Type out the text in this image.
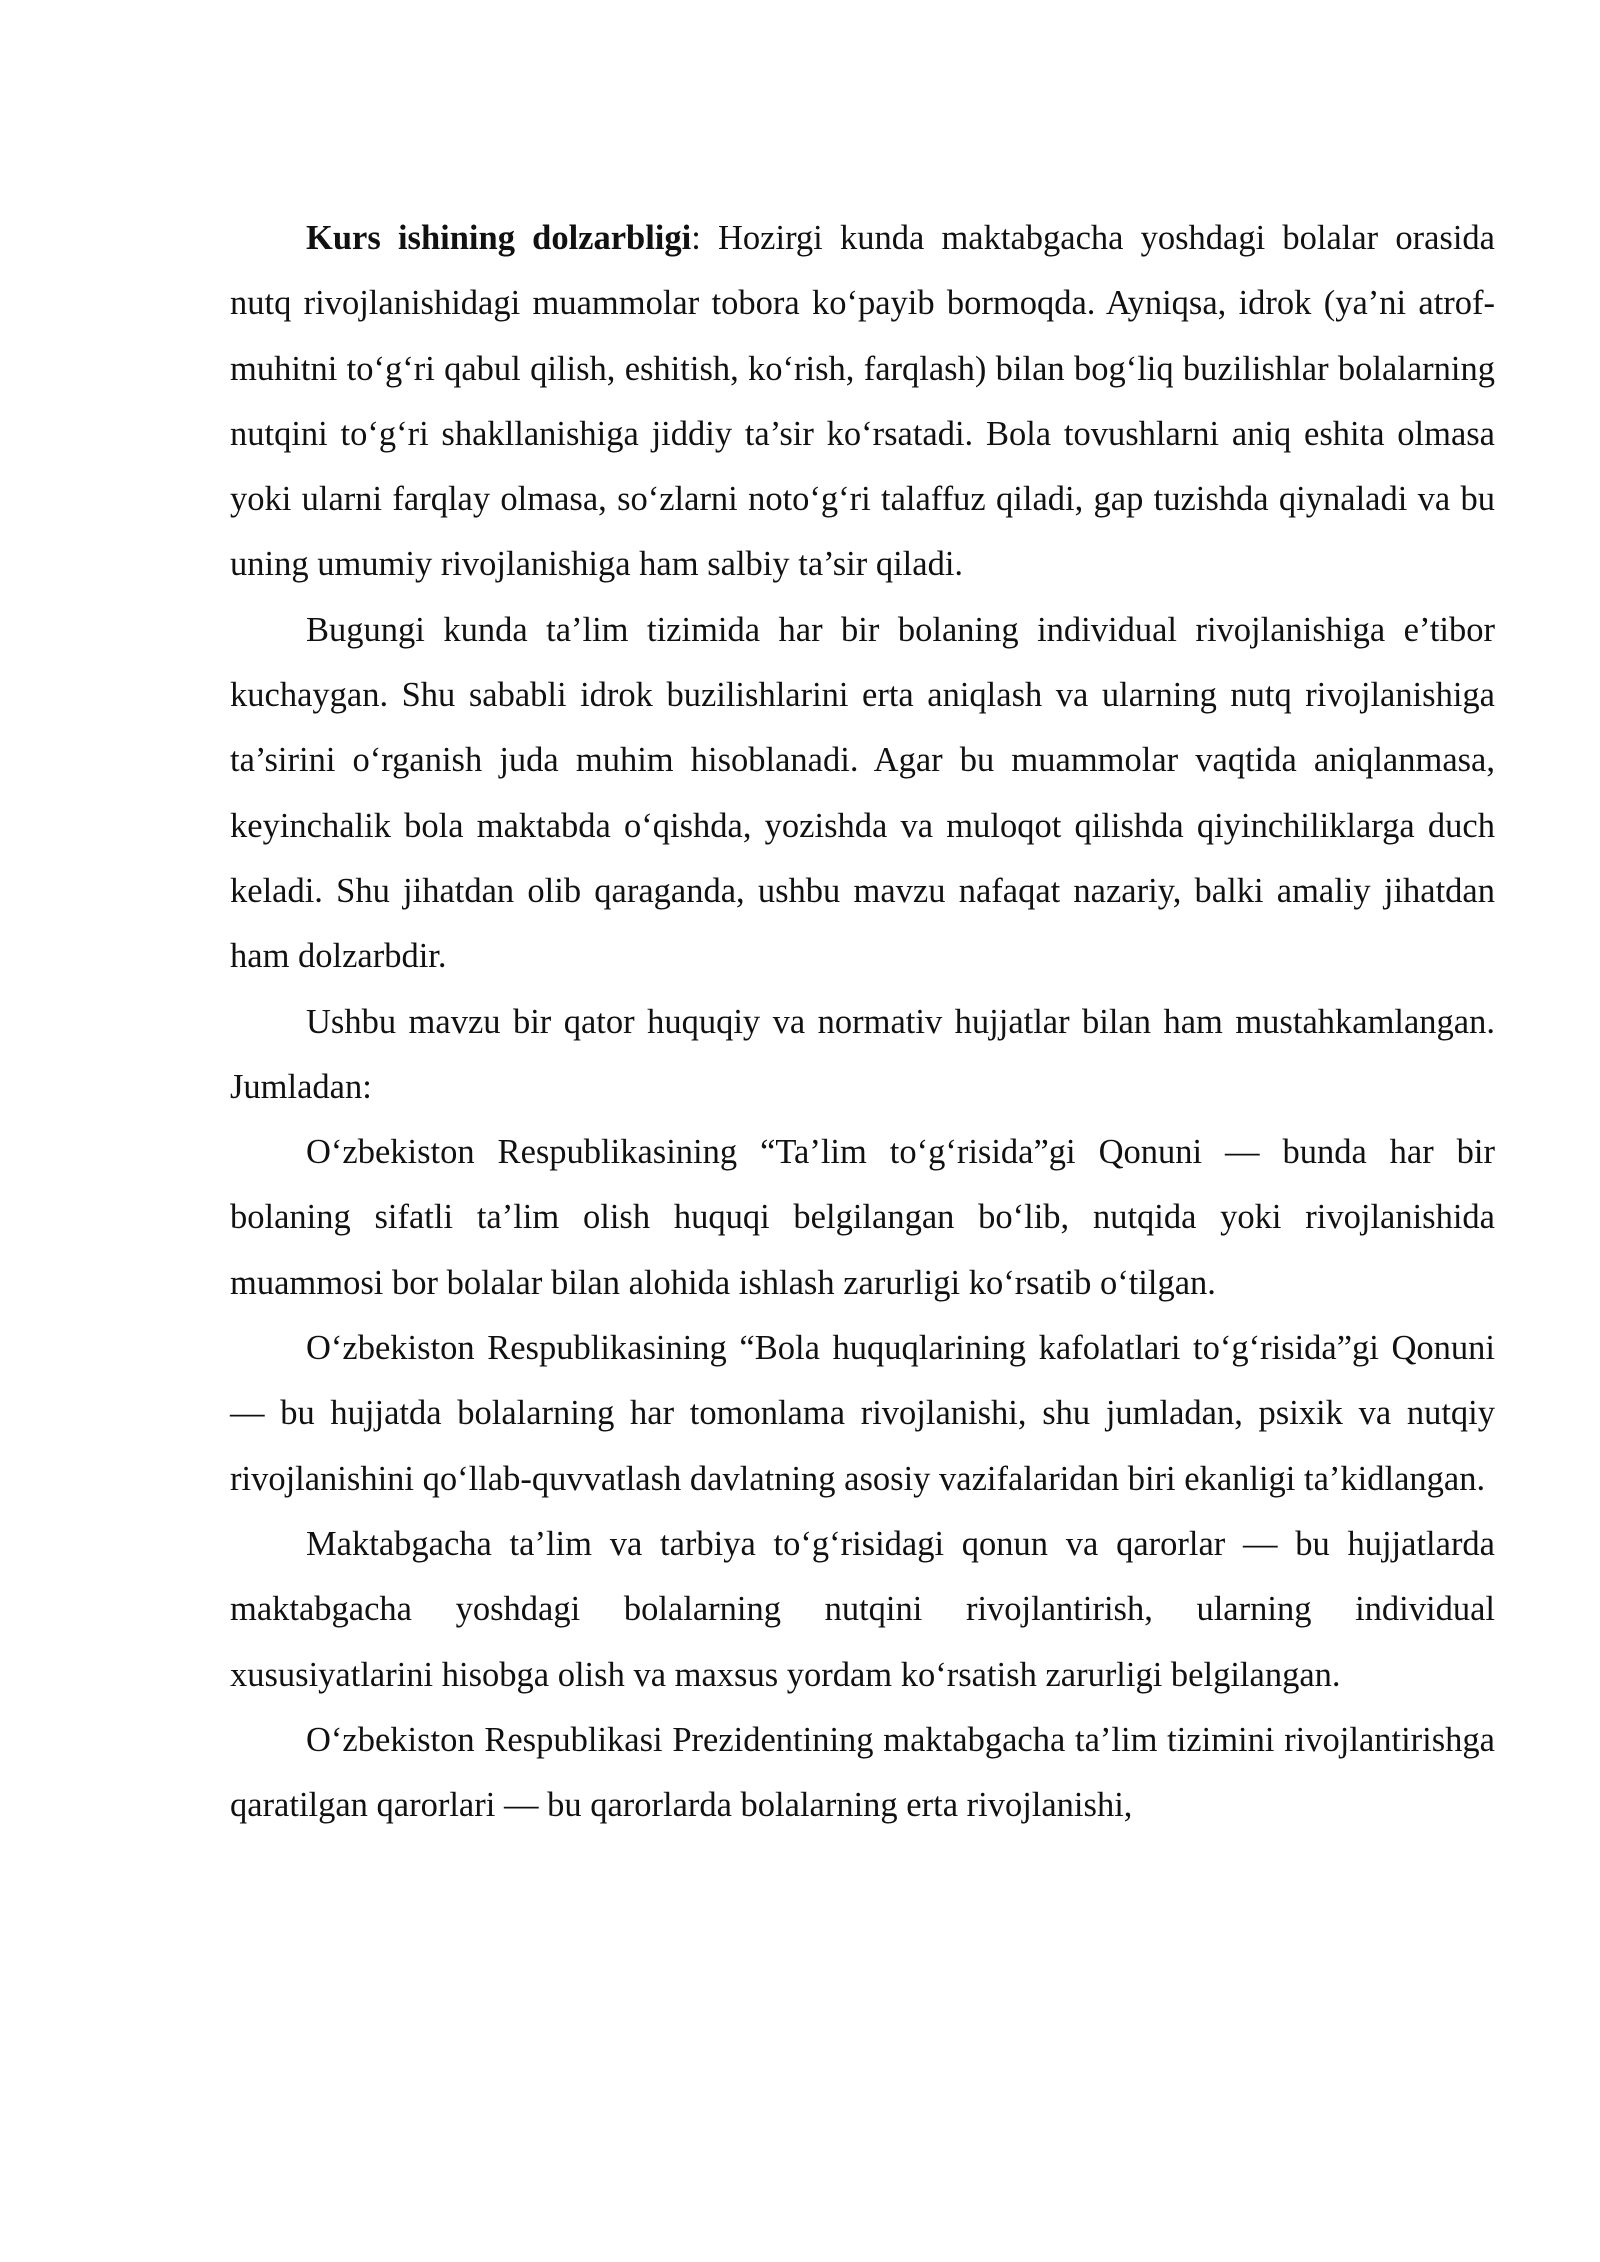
Kurs ishining dolzarbligi: Hozirgi kunda maktabgacha yoshdagi bolalar orasida nutq rivojlanishidagi muammolar tobora ko‘payib bormoqda. Ayniqsa, idrok (ya’ni atrof-muhitni to‘g‘ri qabul qilish, eshitish, ko‘rish, farqlash) bilan bog‘liq buzilishlar bolalarning nutqini to‘g‘ri shakllanishiga jiddiy ta’sir ko‘rsatadi. Bola tovushlarni aniq eshita olmasa yoki ularni farqlay olmasa, so‘zlarni noto‘g‘ri talaffuz qiladi, gap tuzishda qiynaladi va bu uning umumiy rivojlanishiga ham salbiy ta’sir qiladi.

Bugungi kunda ta’lim tizimida har bir bolaning individual rivojlanishiga e’tibor kuchaygan. Shu sababli idrok buzilishlarini erta aniqlash va ularning nutq rivojlanishiga ta’sirini o‘rganish juda muhim hisoblanadi. Agar bu muammolar vaqtida aniqlanmasa, keyinchalik bola maktabda o‘qishda, yozishda va muloqot qilishda qiyinchiliklarga duch keladi. Shu jihatdan olib qaraganda, ushbu mavzu nafaqat nazariy, balki amaliy jihatdan ham dolzarbdir.

Ushbu mavzu bir qator huquqiy va normativ hujjatlar bilan ham mustahkamlangan. Jumladan:

O‘zbekiston Respublikasining “Ta’lim to‘g‘risida”gi Qonuni — bunda har bir bolaning sifatli ta’lim olish huquqi belgilangan bo‘lib, nutqida yoki rivojlanishida muammosi bor bolalar bilan alohida ishlash zarurligi ko‘rsatib o‘tilgan.

O‘zbekiston Respublikasining “Bola huquqlarining kafolatlari to‘g‘risida”gi Qonuni — bu hujjatda bolalarning har tomonlama rivojlanishi, shu jumladan, psixik va nutqiy rivojlanishini qo‘llab-quvvatlash davlatning asosiy vazifalaridan biri ekanligi ta’kidlangan.

Maktabgacha ta’lim va tarbiya to‘g‘risidagi qonun va qarorlar — bu hujjatlarda maktabgacha yoshdagi bolalarning nutqini rivojlantirish, ularning individual xususiyatlarini hisobga olish va maxsus yordam ko‘rsatish zarurligi belgilangan.

O‘zbekiston Respublikasi Prezidentining maktabgacha ta’lim tizimini rivojlantirishga qaratilgan qarorlari — bu qarorlarda bolalarning erta rivojlanishi,
